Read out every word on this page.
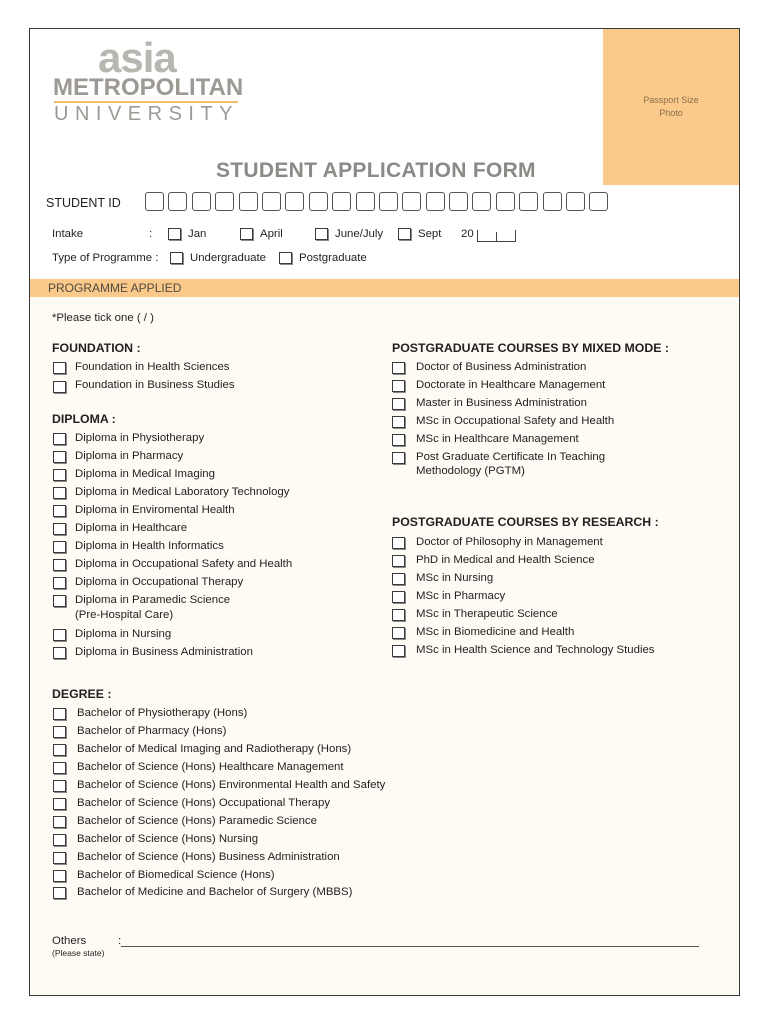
asia
METROPOLITAN
UNIVERSITY
Passport Size
Photo
STUDENT APPLICATION FORM
STUDENT ID
Intake	:	Jan	April	June/July	Sept 20
Type of Programme :	Undergraduate	Postgraduate
PROGRAMME APPLIED
*Please tick one ( / )
FOUNDATION :
Foundation in Health Sciences
Foundation in Business Studies
DIPLOMA :
Diploma in Physiotherapy
Diploma in Pharmacy
Diploma in Medical Imaging
Diploma in Medical Laboratory Technology
Diploma in Enviromental Health
Diploma in Healthcare
Diploma in Health Informatics
Diploma in Occupational Safety and Health
Diploma in Occupational Therapy
Diploma in Paramedic Science
(Pre-Hospital Care)
Diploma in Nursing
Diploma in Business Administration
POSTGRADUATE COURSES BY MIXED MODE :
Doctor of Business Administration
Doctorate in Healthcare Management
Master in Business Administration
MSc in Occupational Safety and Health
MSc in Healthcare Management
Post Graduate Certificate In Teaching
Methodology (PGTM)
POSTGRADUATE COURSES BY RESEARCH :
Doctor of Philosophy in Management
PhD in Medical and Health Science
MSc in Nursing
MSc in Pharmacy
MSc in Therapeutic Science
MSc in Biomedicine and Health
MSc in Health Science and Technology Studies
DEGREE :
Bachelor of Physiotherapy (Hons)
Bachelor of Pharmacy (Hons)
Bachelor of Medical Imaging and Radiotherapy (Hons)
Bachelor of Science (Hons) Healthcare Management
Bachelor of Science (Hons) Environmental Health and Safety
Bachelor of Science (Hons) Occupational Therapy
Bachelor of Science (Hons) Paramedic Science
Bachelor of Science (Hons) Nursing
Bachelor of Science (Hons) Business Administration
Bachelor of Biomedical Science (Hons)
Bachelor of Medicine and Bachelor of Surgery (MBBS)
Others
(Please state)
:
